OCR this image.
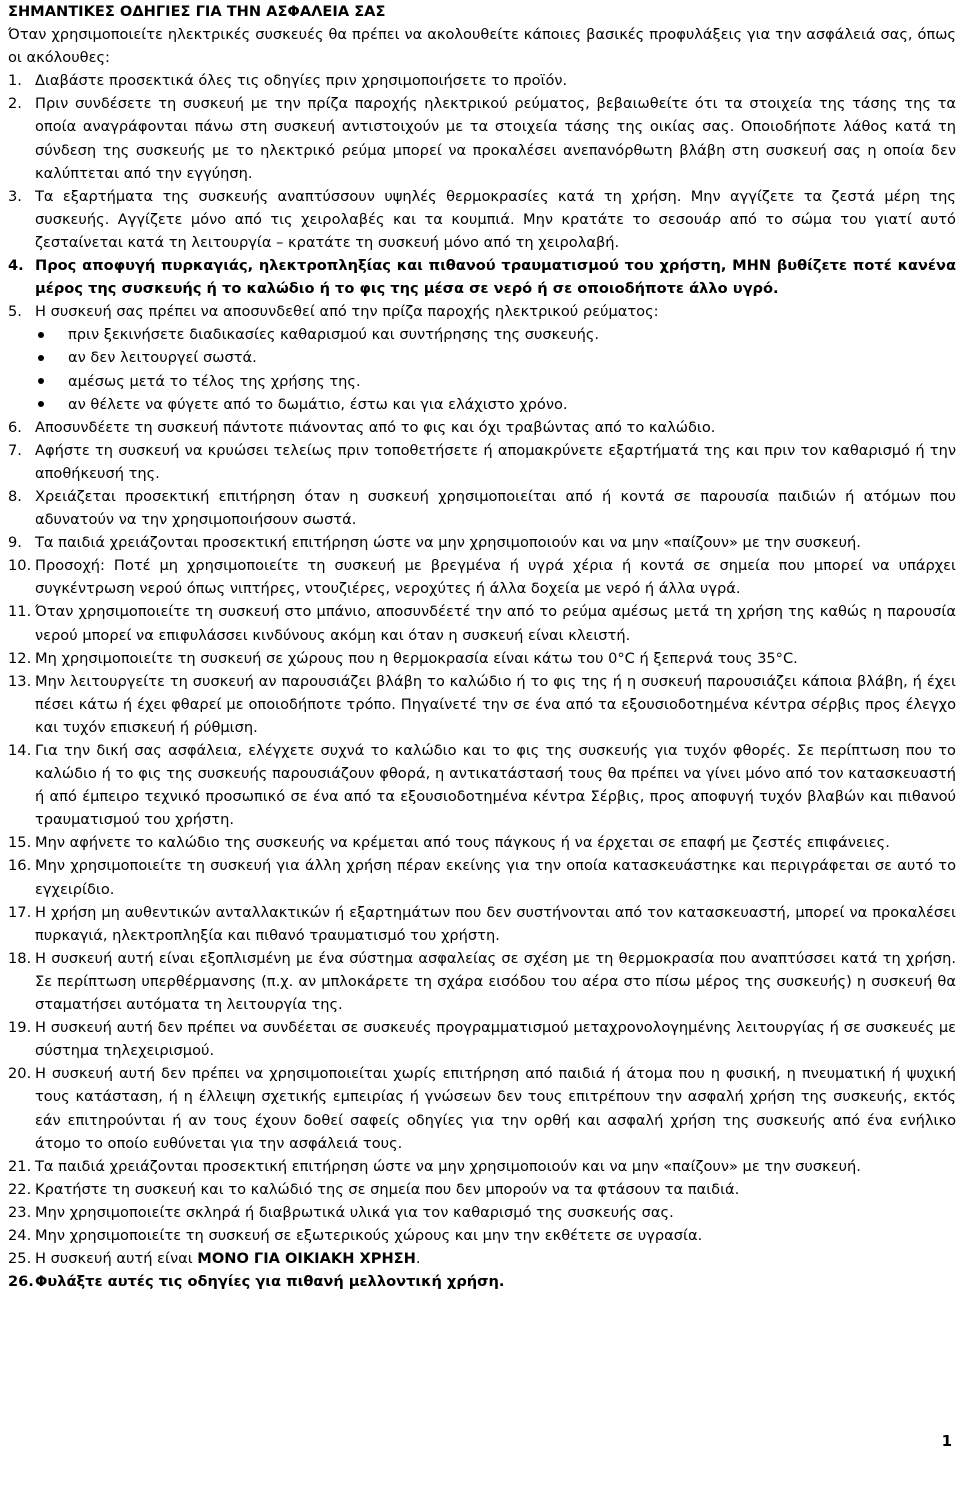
ΣΗΜΑΝΤΙΚΕΣ ΟΔΗΓΙΕΣ ΓΙΑ ΤΗΝ ΑΣΦΑΛΕΙΑ ΣΑΣ

Όταν χρησιμοποιείτε ηλεκτρικές συσκευές θα πρέπει να ακολουθείτε κάποιες βασικές προφυλάξεις για την ασφάλειά σας, όπως οι ακόλουθες:

1. Διαβάστε προσεκτικά όλες τις οδηγίες πριν χρησιμοποιήσετε το προϊόν.
2. Πριν συνδέσετε τη συσκευή με την πρίζα παροχής ηλεκτρικού ρεύματος, βεβαιωθείτε ότι τα στοιχεία της τάσης της τα οποία αναγράφονται πάνω στη συσκευή αντιστοιχούν με τα στοιχεία τάσης της οικίας σας. Οποιοδήποτε λάθος κατά τη σύνδεση της συσκευής με το ηλεκτρικό ρεύμα μπορεί να προκαλέσει ανεπανόρθωτη βλάβη στη συσκευή σας η οποία δεν καλύπτεται από την εγγύηση.
3. Τα εξαρτήματα της συσκευής αναπτύσσουν υψηλές θερμοκρασίες κατά τη χρήση. Μην αγγίζετε τα ζεστά μέρη της συσκευής. Αγγίζετε μόνο από τις χειρολαβές και τα κουμπιά. Μην κρατάτε το σεσουάρ από το σώμα του γιατί αυτό ζεσταίνεται κατά τη λειτουργία – κρατάτε τη συσκευή μόνο από τη χειρολαβή.
4. Προς αποφυγή πυρκαγιάς, ηλεκτροπληξίας και πιθανού τραυματισμού του χρήστη, ΜΗΝ βυθίζετε ποτέ κανένα μέρος της συσκευής ή το καλώδιο ή το φις της μέσα σε νερό ή σε οποιοδήποτε άλλο υγρό.
5. Η συσκευή σας πρέπει να αποσυνδεθεί από την πρίζα παροχής ηλεκτρικού ρεύματος:
πριν ξεκινήσετε διαδικασίες καθαρισμού και συντήρησης της συσκευής.
αν δεν λειτουργεί σωστά.
αμέσως μετά το τέλος της χρήσης της.
αν θέλετε να φύγετε από το δωμάτιο, έστω και για ελάχιστο χρόνο.
6. Αποσυνδέετε τη συσκευή πάντοτε πιάνοντας από το φις και όχι τραβώντας από το καλώδιο.
7. Αφήστε τη συσκευή να κρυώσει τελείως πριν τοποθετήσετε ή απομακρύνετε εξαρτήματά της και πριν τον καθαρισμό ή την αποθήκευσή της.
8. Χρειάζεται προσεκτική επιτήρηση όταν η συσκευή χρησιμοποιείται από ή κοντά σε παρουσία παιδιών ή ατόμων που αδυνατούν να την χρησιμοποιήσουν σωστά.
9. Τα παιδιά χρειάζονται προσεκτική επιτήρηση ώστε να μην χρησιμοποιούν και να μην «παίζουν» με την συσκευή.
10. Προσοχή: Ποτέ μη χρησιμοποιείτε τη συσκευή με βρεγμένα ή υγρά χέρια ή κοντά σε σημεία που μπορεί να υπάρχει συγκέντρωση νερού όπως νιπτήρες, ντουζιέρες, νεροχύτες ή άλλα δοχεία με νερό ή άλλα υγρά.
11. Όταν χρησιμοποιείτε τη συσκευή στο μπάνιο, αποσυνδέετέ την από το ρεύμα αμέσως μετά τη χρήση της καθώς η παρουσία νερού μπορεί να επιφυλάσσει κινδύνους ακόμη και όταν η συσκευή είναι κλειστή.
12. Μη χρησιμοποιείτε τη συσκευή σε χώρους που η θερμοκρασία είναι κάτω του 0°C ή ξεπερνά τους 35°C.
13. Μην λειτουργείτε τη συσκευή αν παρουσιάζει βλάβη το καλώδιο ή το φις της ή η συσκευή παρουσιάζει κάποια βλάβη, ή έχει πέσει κάτω ή έχει φθαρεί με οποιοδήποτε τρόπο. Πηγαίνετέ την σε ένα από τα εξουσιοδοτημένα κέντρα σέρβις προς έλεγχο και τυχόν επισκευή ή ρύθμιση.
14. Για την δική σας ασφάλεια, ελέγχετε συχνά το καλώδιο και το φις της συσκευής για τυχόν φθορές. Σε περίπτωση που το καλώδιο ή το φις της συσκευής παρουσιάζουν φθορά, η αντικατάστασή τους θα πρέπει να γίνει μόνο από τον κατασκευαστή ή από έμπειρο τεχνικό προσωπικό σε ένα από τα εξουσιοδοτημένα κέντρα Σέρβις, προς αποφυγή τυχόν βλαβών και πιθανού τραυματισμού του χρήστη.
15. Μην αφήνετε το καλώδιο της συσκευής να κρέμεται από τους πάγκους ή να έρχεται σε επαφή με ζεστές επιφάνειες.
16. Μην χρησιμοποιείτε τη συσκευή για άλλη χρήση πέραν εκείνης για την οποία κατασκευάστηκε και περιγράφεται σε αυτό το εγχειρίδιο.
17. Η χρήση μη αυθεντικών ανταλλακτικών ή εξαρτημάτων που δεν συστήνονται από τον κατασκευαστή, μπορεί να προκαλέσει πυρκαγιά, ηλεκτροπληξία και πιθανό τραυματισμό του χρήστη.
18. Η συσκευή αυτή είναι εξοπλισμένη με ένα σύστημα ασφαλείας σε σχέση με τη θερμοκρασία που αναπτύσσει κατά τη χρήση. Σε περίπτωση υπερθέρμανσης (π.χ. αν μπλοκάρετε τη σχάρα εισόδου του αέρα στο πίσω μέρος της συσκευής) η συσκευή θα σταματήσει αυτόματα τη λειτουργία της.
19. Η συσκευή αυτή δεν πρέπει να συνδέεται σε συσκευές προγραμματισμού μεταχρονολογημένης λειτουργίας ή σε συσκευές με σύστημα τηλεχειρισμού.
20. Η συσκευή αυτή δεν πρέπει να χρησιμοποιείται χωρίς επιτήρηση από παιδιά ή άτομα που η φυσική, η πνευματική ή ψυχική τους κατάσταση, ή η έλλειψη σχετικής εμπειρίας ή γνώσεων δεν τους επιτρέπουν την ασφαλή χρήση της συσκευής, εκτός εάν επιτηρούνται ή αν τους έχουν δοθεί σαφείς οδηγίες για την ορθή και ασφαλή χρήση της συσκευής από ένα ενήλικο άτομο το οποίο ευθύνεται για την ασφάλειά τους.
21. Τα παιδιά χρειάζονται προσεκτική επιτήρηση ώστε να μην χρησιμοποιούν και να μην «παίζουν» με την συσκευή.
22. Κρατήστε τη συσκευή και το καλώδιό της σε σημεία που δεν μπορούν να τα φτάσουν τα παιδιά.
23. Μην χρησιμοποιείτε σκληρά ή διαβρωτικά υλικά για τον καθαρισμό της συσκευής σας.
24. Μην χρησιμοποιείτε τη συσκευή σε εξωτερικούς χώρους και μην την εκθέτετε σε υγρασία.
25. Η συσκευή αυτή είναι ΜΟΝΟ ΓΙΑ ΟΙΚΙΑΚΗ ΧΡΗΣΗ.
26. Φυλάξτε αυτές τις οδηγίες για πιθανή μελλοντική χρήση.
1
